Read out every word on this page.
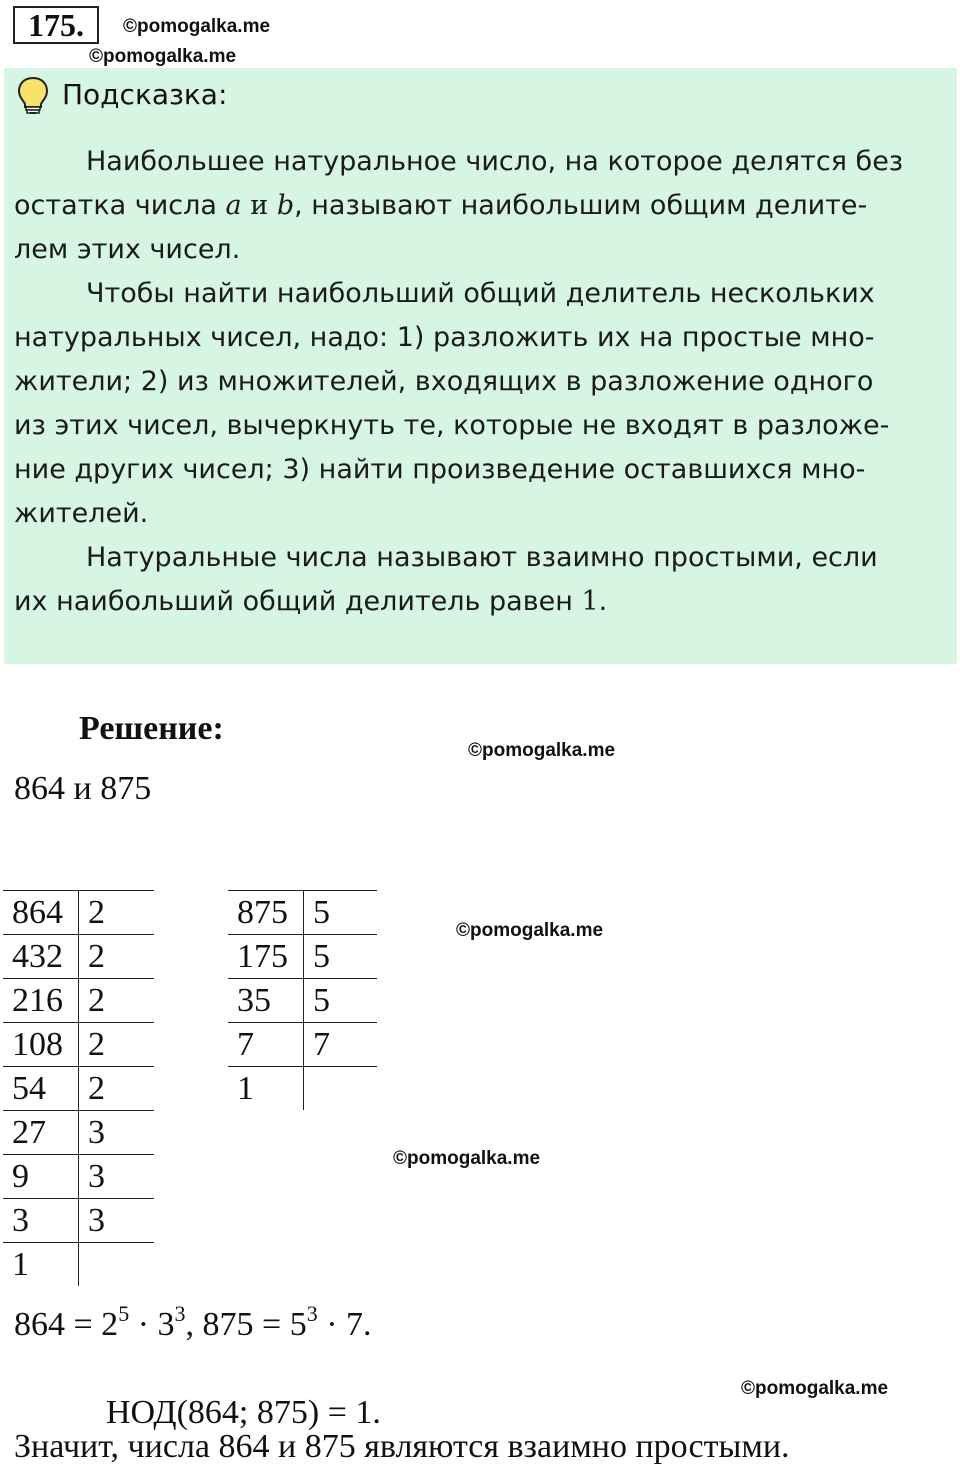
175.	©pomogalka.me
©pomogalka.me
Подсказка:

Наибольшее натуральное число, на которое делятся без
остатка числа a и b, называют наибольшим общим делите-
лем этих чисел.

Чтобы найти наибольший общий делитель нескольких
натуральных чисел, надо: 1) разложить их на простые мно-
жители; 2) из множителей, входящих в разложение одного
из этих чисел, вычеркнуть те, которые не входят в разложе-
ние других чисел; 3) найти произведение оставшихся мно-
жителей.

Натуральные числа называют взаимно простыми, если
их наибольший общий делитель равен 1.

Решение:
©pomogalka.me
864 и 875
864	2
432	2
216	2
108	2
54	2
27	3
9	3
3	3
1	
875	5
175	5
35	5
7	7
1	
©pomogalka.me
©pomogalka.me
$864 = 2^5 \cdot 3^3$, $875 = 5^3 \cdot 7$.
НОД(864; 875) = 1.
©pomogalka.me
Значит, числа 864 и 875 являются взаимно простыми.
